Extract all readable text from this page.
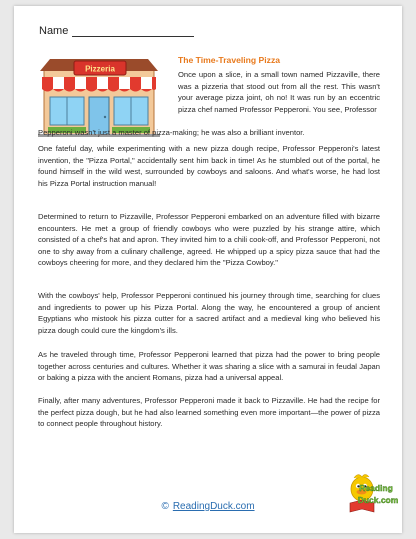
Name
Pizzeria
The Time-Traveling Pizza

Once upon a slice, in a small town named Pizzaville, there was a pizzeria that stood out from all the rest. This wasn't your average pizza joint, oh no! It was run by an eccentric pizza chef named Professor Pepperoni. You see, Professor

Pepperoni wasn't just a master of pizza-making; he was also a brilliant inventor.

One fateful day, while experimenting with a new pizza dough recipe, Professor Pepperoni's latest invention, the "Pizza Portal," accidentally sent him back in time! As he stumbled out of the portal, he found himself in the wild west, surrounded by cowboys and saloons. And what's worse, he had lost his Pizza Portal instruction manual!

Determined to return to Pizzaville, Professor Pepperoni embarked on an adventure filled with bizarre encounters. He met a group of friendly cowboys who were puzzled by his strange attire, which consisted of a chef's hat and apron. They invited him to a chili cook-off, and Professor Pepperoni, not one to shy away from a culinary challenge, agreed. He whipped up a spicy pizza sauce that had the cowboys cheering for more, and they declared him the "Pizza Cowboy."

With the cowboys' help, Professor Pepperoni continued his journey through time, searching for clues and ingredients to power up his Pizza Portal. Along the way, he encountered a group of ancient Egyptians who mistook his pizza cutter for a sacred artifact and a medieval king who believed his pizza dough could cure the kingdom's ills.

As he traveled through time, Professor Pepperoni learned that pizza had the power to bring people together across centuries and cultures. Whether it was sharing a slice with a samurai in feudal Japan or baking a pizza with the ancient Romans, pizza had a universal appeal.

Finally, after many adventures, Professor Pepperoni made it back to Pizzaville. He had the recipe for the perfect pizza dough, but he had also learned something even more important—the power of pizza to connect people throughout history.

© ReadingDuck.com
Reading
Duck.com
